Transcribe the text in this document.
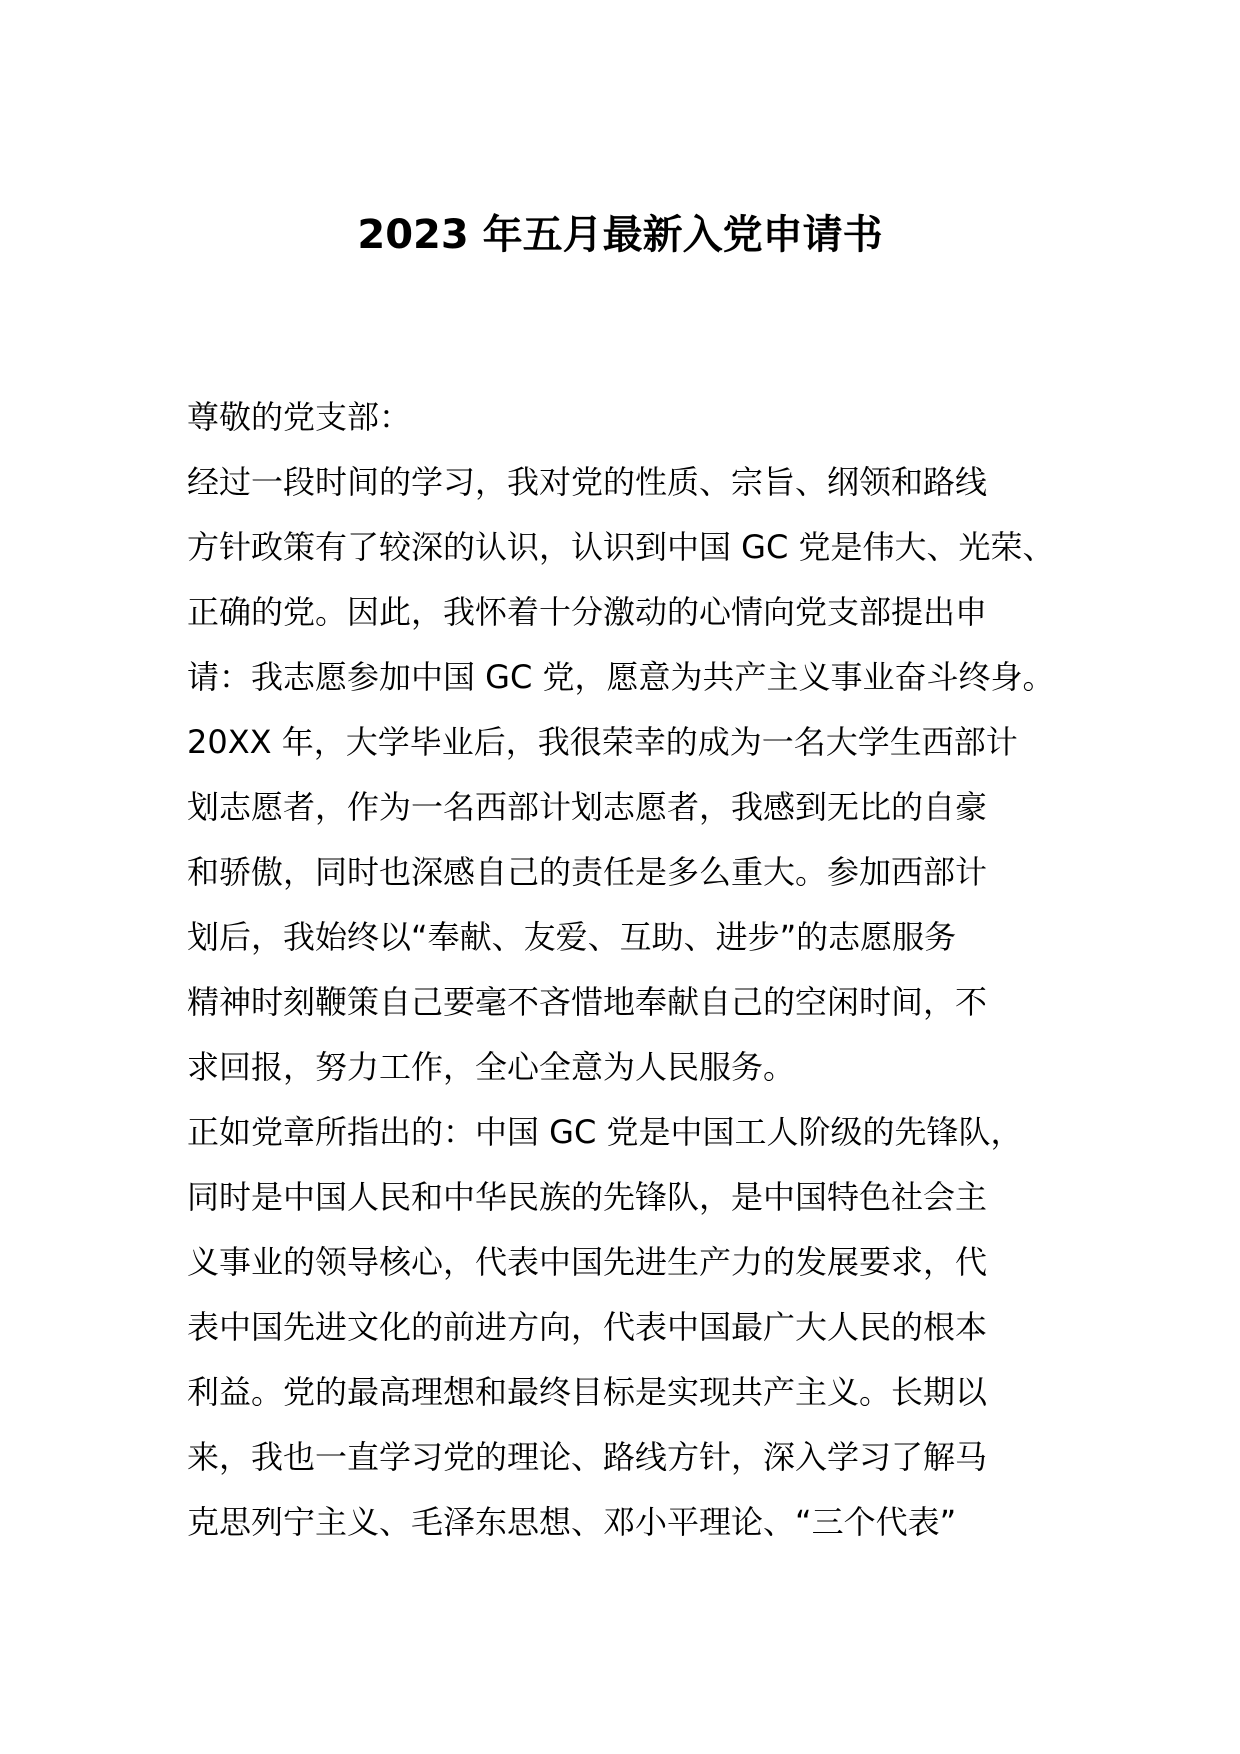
2023 年五月最新入党申请书
尊敬的党支部：
经过一段时间的学习，我对党的性质、宗旨、纲领和路线
方针政策有了较深的认识，认识到中国 GC 党是伟大、光荣、
正确的党。因此，我怀着十分激动的心情向党支部提出申
请：我志愿参加中国 GC 党，愿意为共产主义事业奋斗终身。
20XX 年，大学毕业后，我很荣幸的成为一名大学生西部计
划志愿者，作为一名西部计划志愿者，我感到无比的自豪
和骄傲，同时也深感自己的责任是多么重大。参加西部计
划后，我始终以“奉献、友爱、互助、进步”的志愿服务
精神时刻鞭策自己要毫不吝惜地奉献自己的空闲时间，不
求回报，努力工作，全心全意为人民服务。
正如党章所指出的：中国 GC 党是中国工人阶级的先锋队，
同时是中国人民和中华民族的先锋队，是中国特色社会主
义事业的领导核心，代表中国先进生产力的发展要求，代
表中国先进文化的前进方向，代表中国最广大人民的根本
利益。党的最高理想和最终目标是实现共产主义。长期以
来，我也一直学习党的理论、路线方针，深入学习了解马
克思列宁主义、毛泽东思想、邓小平理论、“三个代表”
